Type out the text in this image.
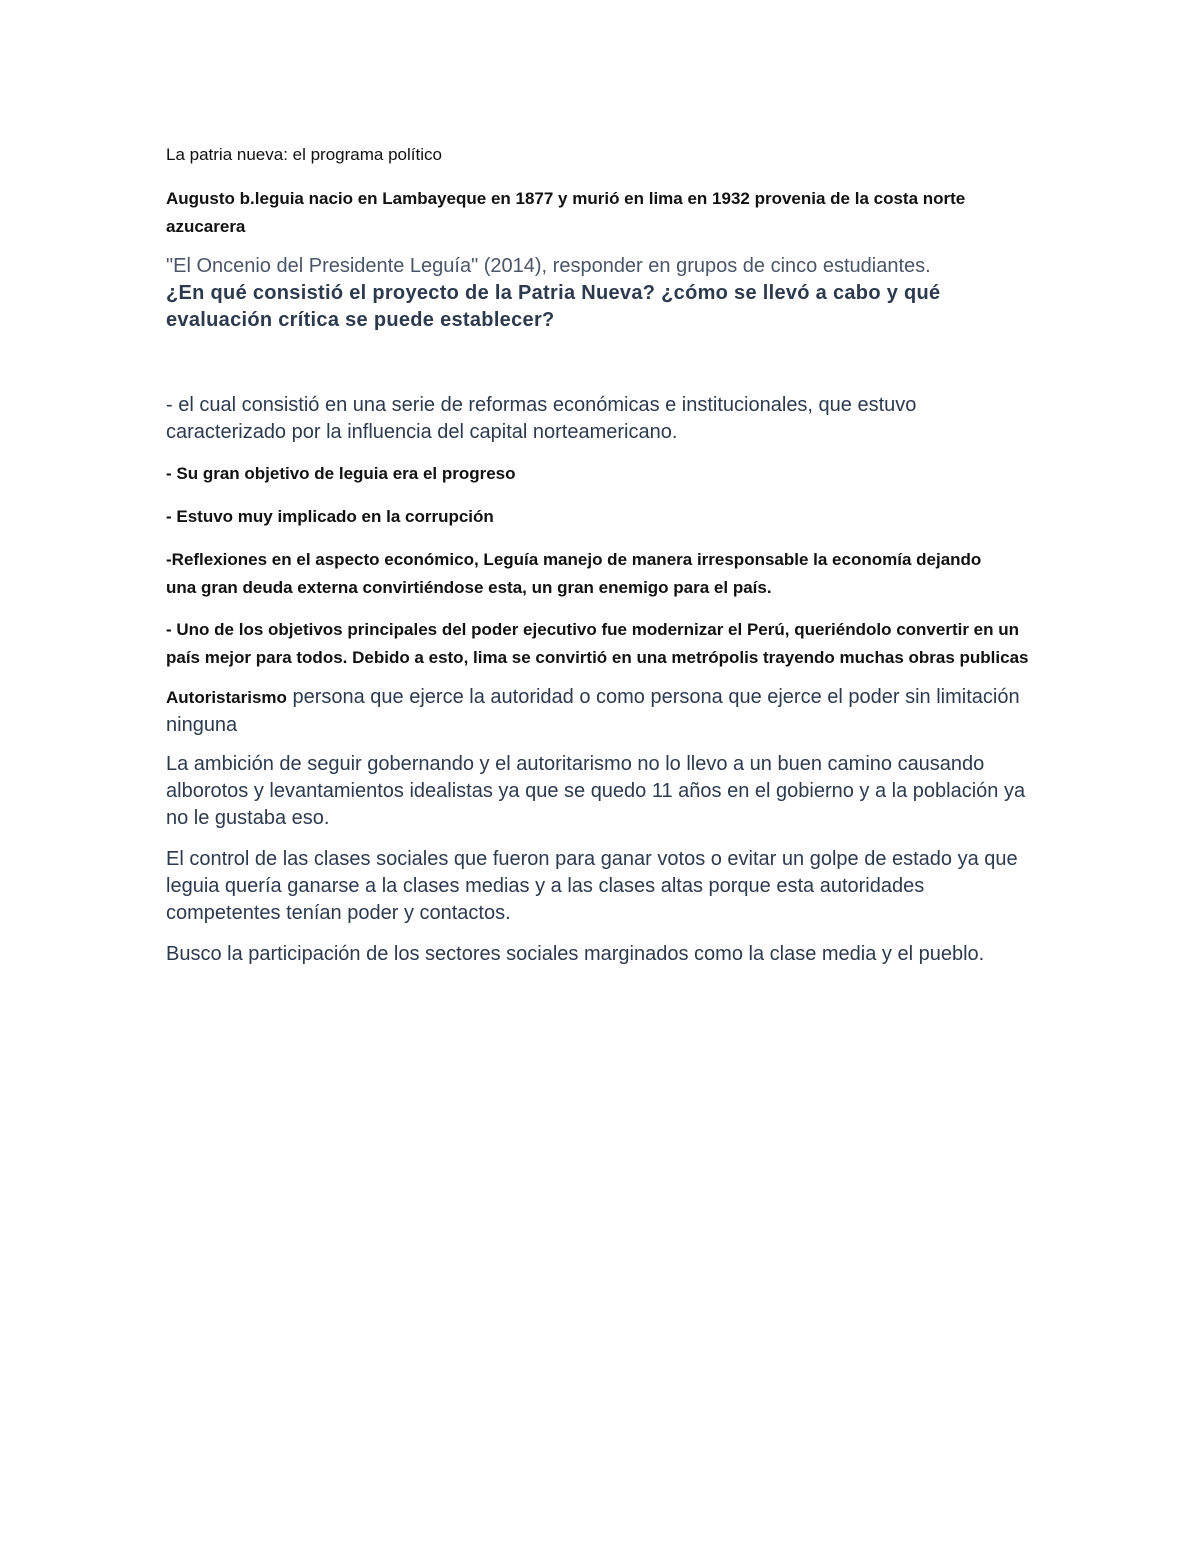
La patria nueva: el programa político

Augusto b.leguia nacio en Lambayeque en 1877 y murió en lima en 1932 provenia de la costa norte azucarera

"El Oncenio del Presidente Leguía" (2014), responder en grupos de cinco estudiantes.

¿En qué consistió el proyecto de la Patria Nueva? ¿cómo se llevó a cabo y qué evaluación crítica se puede establecer?

- el cual consistió en una serie de reformas económicas e institucionales, que estuvo caracterizado por la influencia del capital norteamericano.

- Su gran objetivo de leguia era el progreso

- Estuvo muy implicado en la corrupción

-Reflexiones en el aspecto económico, Leguía manejo de manera irresponsable la economía dejando una gran deuda externa convirtiéndose esta, un gran enemigo para el país.

- Uno de los objetivos principales del poder ejecutivo fue modernizar el Perú, queriéndolo convertir en un país mejor para todos. Debido a esto, lima se convirtió en una metrópolis trayendo muchas obras publicas

Autoristarismo persona que ejerce la autoridad o como persona que ejerce el poder sin limitación ninguna

La ambición de seguir gobernando y el autoritarismo no lo llevo a un buen camino causando alborotos y levantamientos idealistas ya que se quedo 11 años en el gobierno y a la población ya no le gustaba eso.

El control de las clases sociales que fueron para ganar votos o evitar un golpe de estado ya que leguia quería ganarse a la clases medias y a las clases altas porque esta autoridades competentes tenían poder y contactos.

Busco la participación de los sectores sociales marginados como la clase media y el pueblo.
